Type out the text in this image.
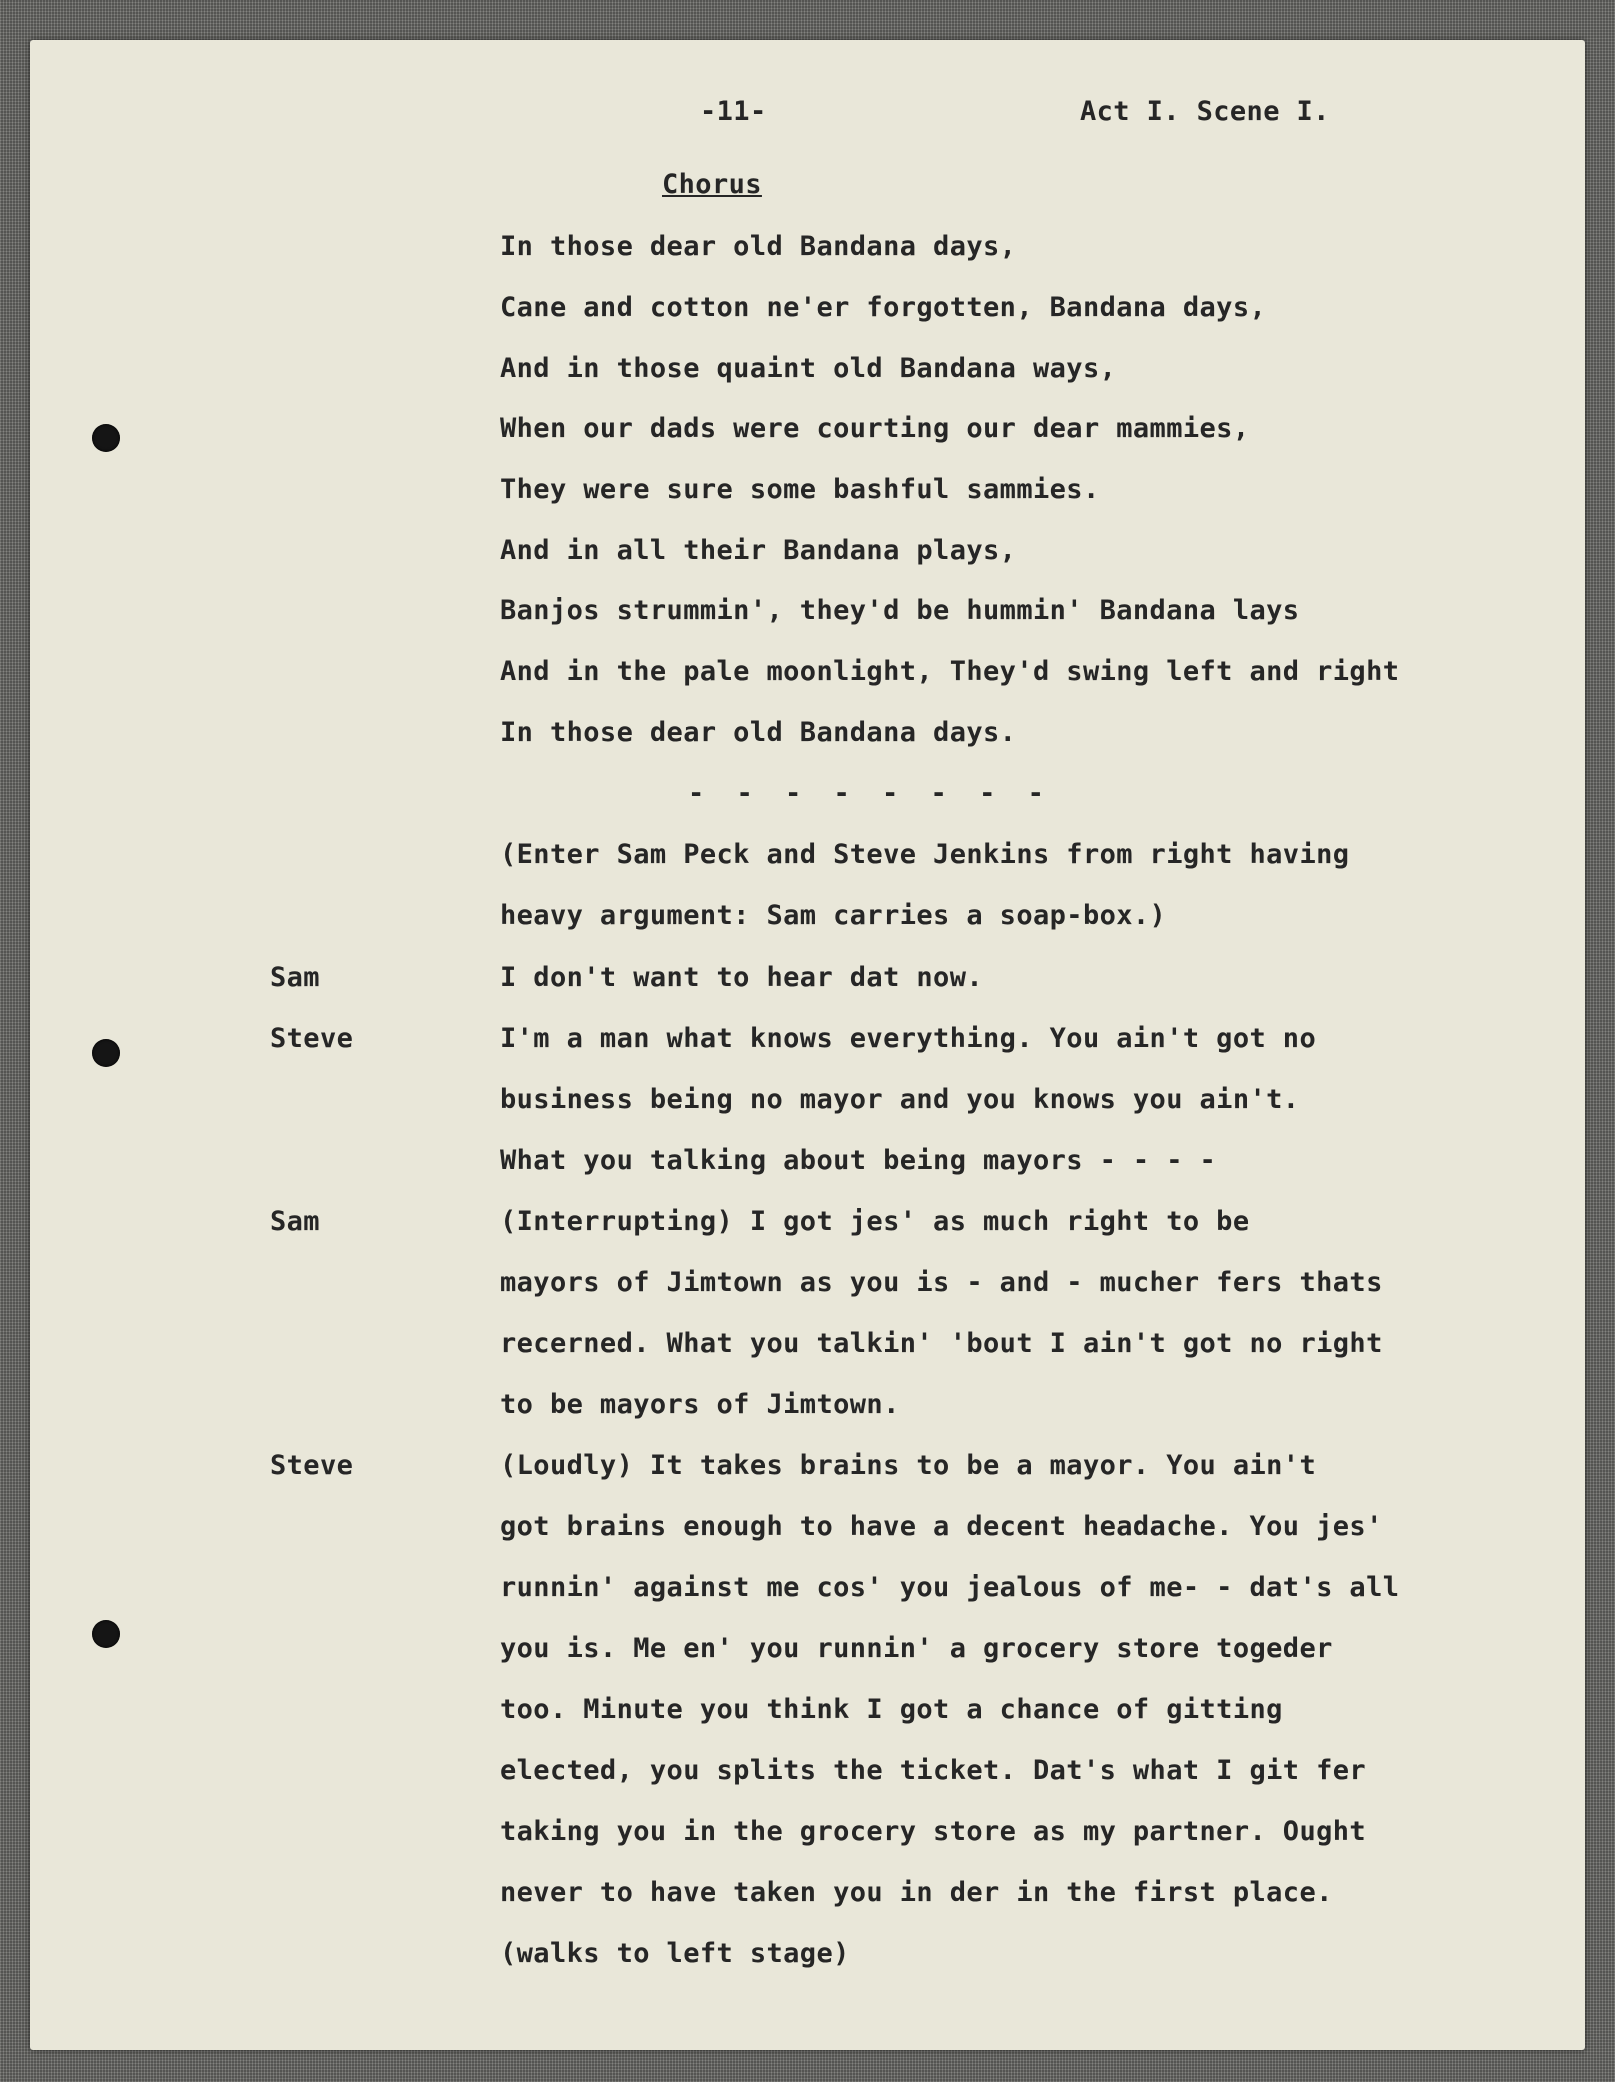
-11-	Act I. Scene I.

Chorus

In those dear old Bandana days,

Cane and cotton ne'er forgotten, Bandana days,

And in those quaint old Bandana ways,

When our dads were courting our dear mammies,

They were sure some bashful sammies.

And in all their Bandana plays,

Banjos strummin', they'd be hummin' Bandana lays

And in the pale moonlight, They'd swing left and right

In those dear old Bandana days.

- - - - - - - -

(Enter Sam Peck and Steve Jenkins from right having

heavy argument: Sam carries a soap-box.)

Sam	I don't want to hear dat now.

Steve	I'm a man what knows everything. You ain't got no

business being no mayor and you knows you ain't.

What you talking about being mayors - - - -

Sam	(Interrupting) I got jes' as much right to be

mayors of Jimtown as you is - and - mucher fers thats

recerned. What you talkin' 'bout I ain't got no right

to be mayors of Jimtown.

Steve	(Loudly) It takes brains to be a mayor. You ain't

got brains enough to have a decent headache. You jes'

runnin' against me cos' you jealous of me- - dat's all

you is. Me en' you runnin' a grocery store togeder

too. Minute you think I got a chance of gitting

elected, you splits the ticket. Dat's what I git fer

taking you in the grocery store as my partner. Ought

never to have taken you in der in the first place.

(walks to left stage)
